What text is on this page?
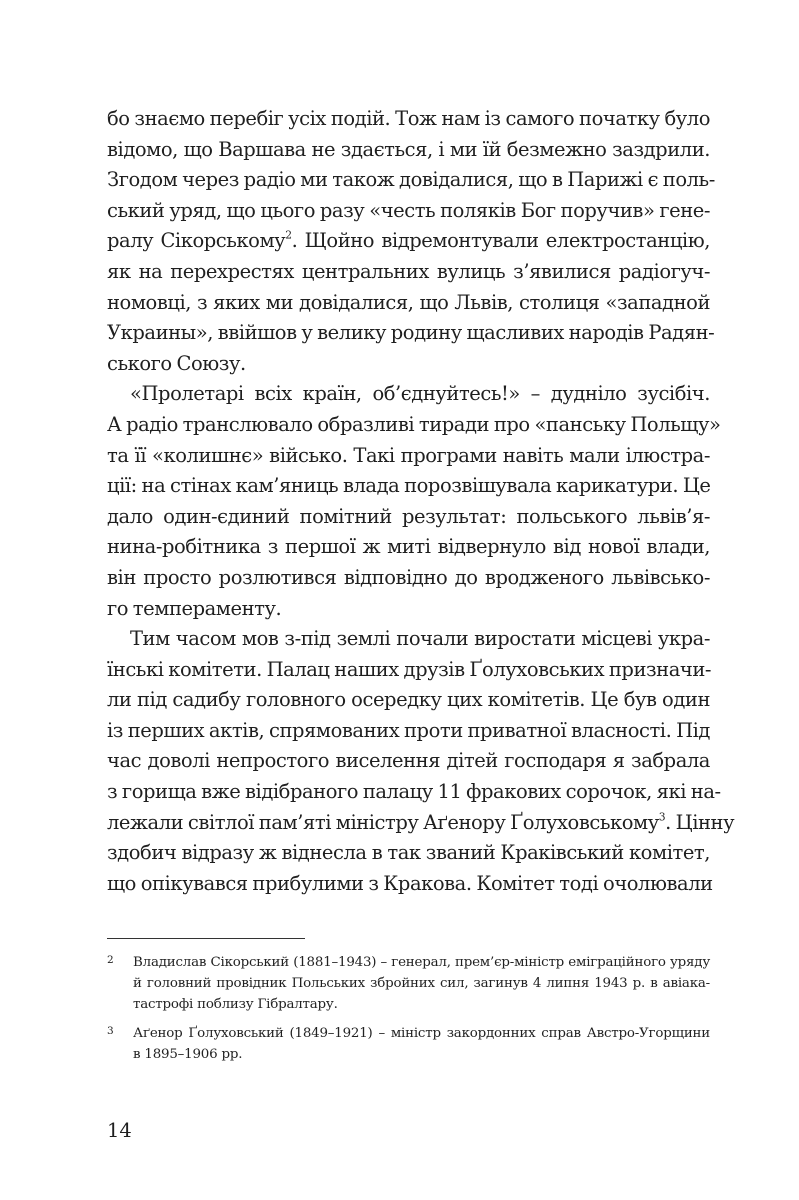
бо знаємо перебіг усіх подій. Тож нам із самого початку було
відомо, що Варшава не здається, і ми їй безмежно заздрили.
Згодом через радіо ми також довідалися, що в Парижі є поль-
ський уряд, що цього разу «честь поляків Бог поручив» гене-
ралу Сікорському$^2$. Щойно відремонтували електростанцію,
як на перехрестях центральних вулиць з’явилися радіогуч-
номовці, з яких ми довідалися, що Львів, столиця «западной
Украины», ввійшов у велику родину щасливих народів Радян-
ського Союзу.
«Пролетарі всіх країн, об’єднуйтесь!» – дудніло зусібіч.
А радіо транслювало образливі тиради про «панську Польщу»
та її «колишнє» військо. Такі програми навіть мали ілюстра-
ції: на стінах кам’яниць влада порозвішувала карикатури. Це
дало один-єдиний помітний результат: польського львів’я-
нина-робітника з першої ж миті відвернуло від нової влади,
він просто розлютився відповідно до вродженого львівсько-
го темпераменту.
Тим часом мов з-під землі почали виростати місцеві укра-
їнські комітети. Палац наших друзів Ґолуховських призначи-
ли під садибу головного осередку цих комітетів. Це був один
із перших актів, спрямованих проти приватної власності. Під
час доволі непростого виселення дітей господаря я забрала
з горища вже відібраного палацу 11 фракових сорочок, які на-
лежали світлої пам’яті міністру Аґенору Ґолуховському$^3$. Цінну
здобич відразу ж віднесла в так званий Краківський комітет,
що опікувався прибулими з Кракова. Комітет тоді очолювали
2 Владислав Сікорський (1881–1943) – генерал, прем’єр-міністр еміграційного уряду
й головний провідник Польських збройних сил, загинув 4 липня 1943 р. в авіака-
тастрофі поблизу Гібралтару.
3 Аґенор Ґолуховський (1849–1921) – міністр закордонних справ Австро-Угорщини
в 1895–1906 рр.
14
